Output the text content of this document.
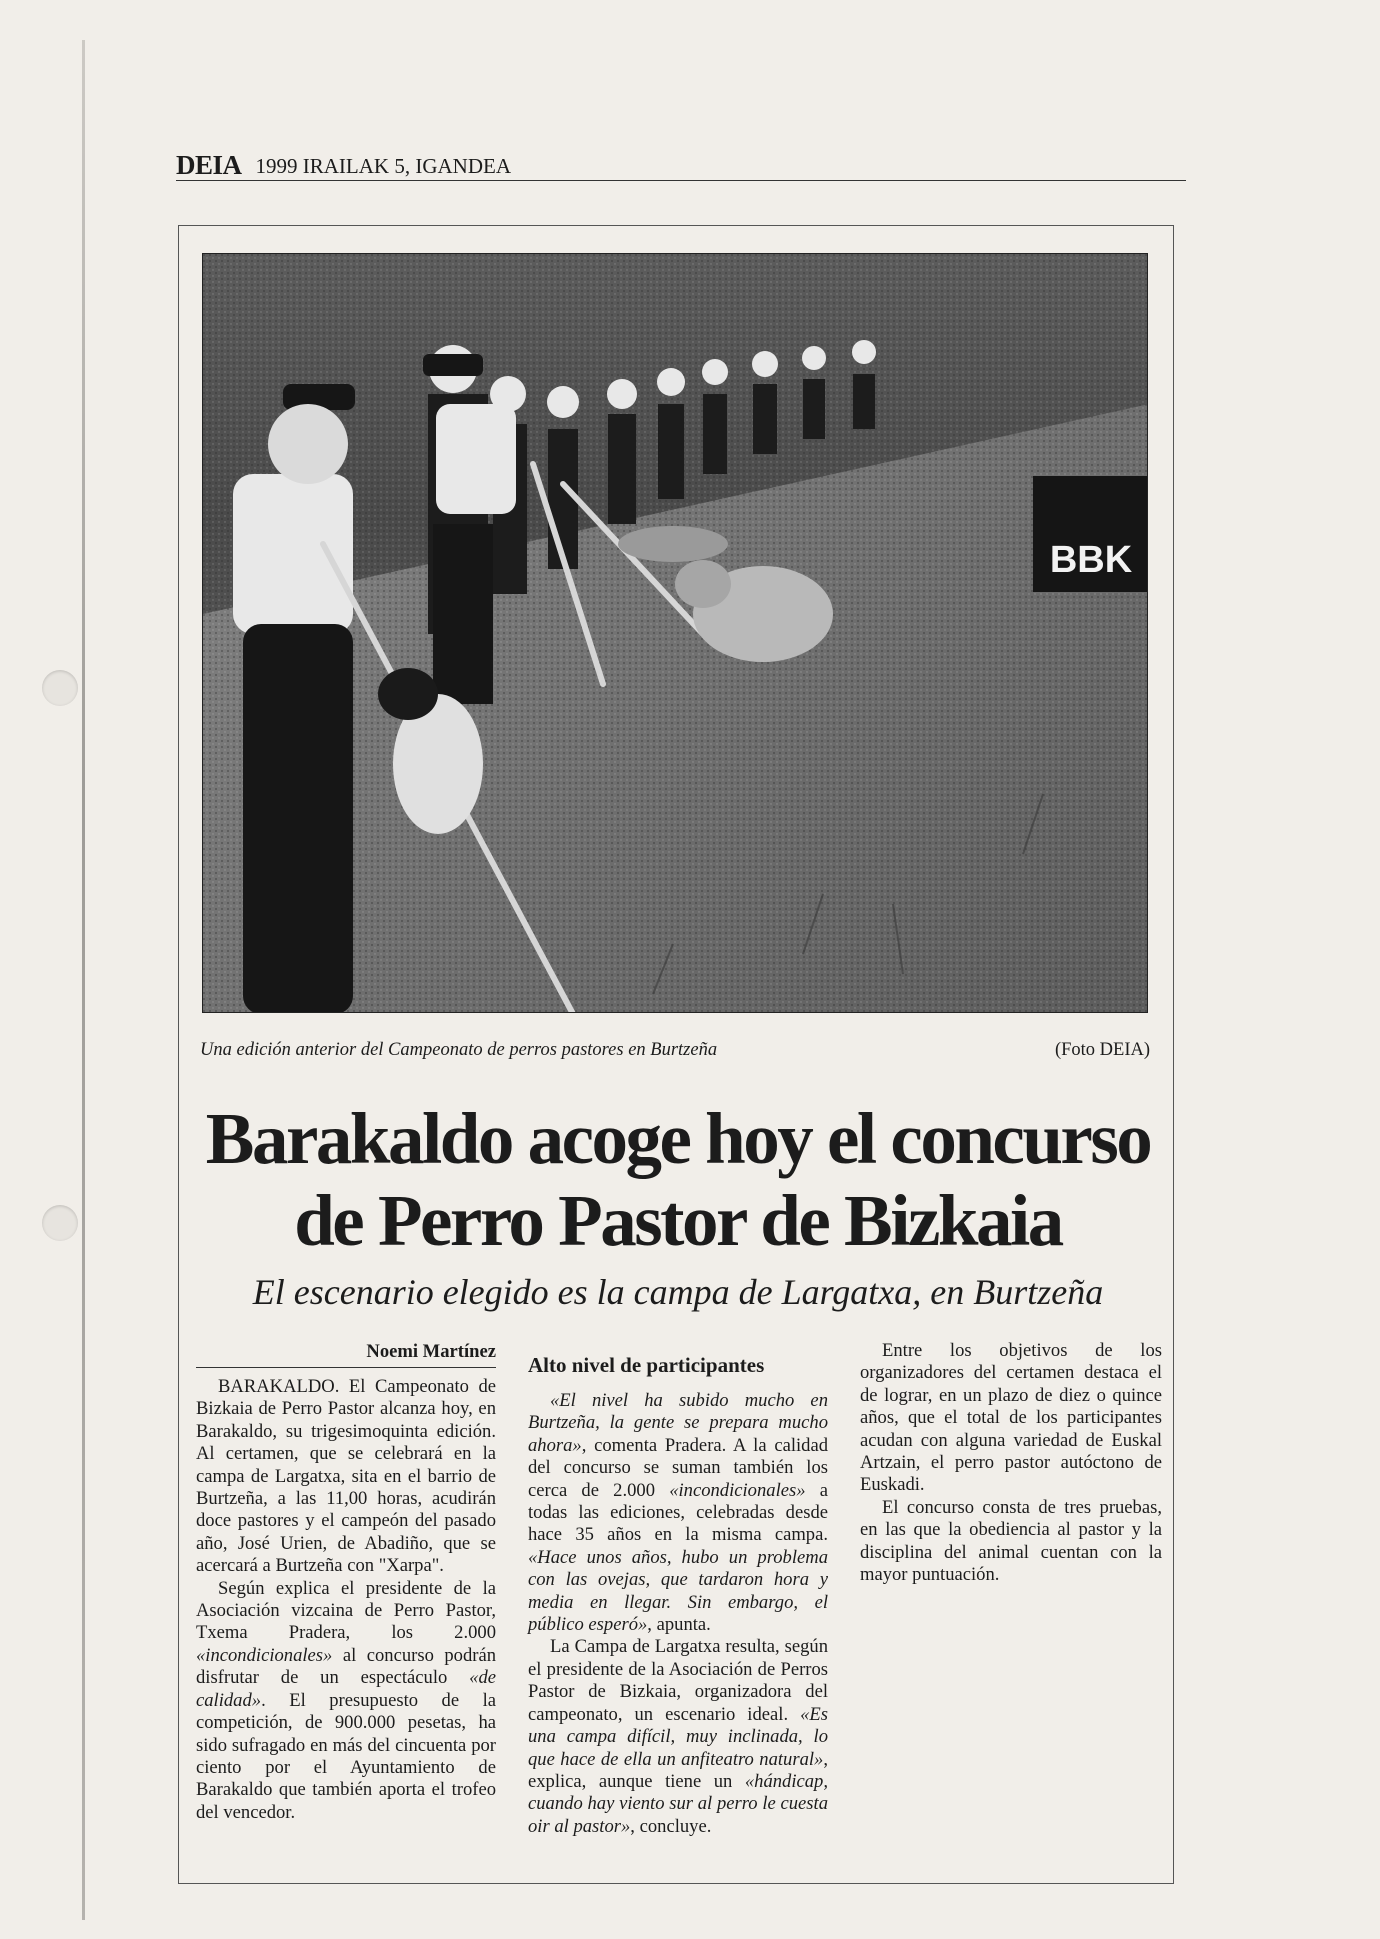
DEIA 1999 IRAILAK 5, IGANDEA
BBK
Una edición anterior del Campeonato de perros pastores en Burtzeña	(Foto DEIA)
Barakaldo acoge hoy el concurso
de Perro Pastor de Bizkaia
El escenario elegido es la campa de Largatxa, en Burtzeña
Noemi Martínez

BARAKALDO. El Campeonato de Bizkaia de Perro Pastor alcanza hoy, en Barakaldo, su trigesimoquinta edición. Al certamen, que se celebrará en la campa de Largatxa, sita en el barrio de Burtzeña, a las 11,00 horas, acudirán doce pastores y el campeón del pasado año, José Urien, de Abadiño, que se acercará a Burtzeña con "Xarpa".

Según explica el presidente de la Asociación vizcaina de Perro Pastor, Txema Pradera, los 2.000 «incondicionales» al concurso podrán disfrutar de un espectáculo «de calidad». El presupuesto de la competición, de 900.000 pesetas, ha sido sufragado en más del cincuenta por ciento por el Ayuntamiento de Barakaldo que también aporta el trofeo del vencedor.

Alto nivel de participantes

«El nivel ha subido mucho en Burtzeña, la gente se prepara mucho ahora», comenta Pradera. A la calidad del concurso se suman también los cerca de 2.000 «incondicionales» a todas las ediciones, celebradas desde hace 35 años en la misma campa. «Hace unos años, hubo un problema con las ovejas, que tardaron hora y media en llegar. Sin embargo, el público esperó», apunta.

La Campa de Largatxa resulta, según el presidente de la Asociación de Perros Pastor de Bizkaia, organizadora del campeonato, un escenario ideal. «Es una campa difícil, muy inclinada, lo que hace de ella un anfiteatro natural», explica, aunque tiene un «hándicap, cuando hay viento sur al perro le cuesta oir al pastor», concluye.

Entre los objetivos de los organizadores del certamen destaca el de lograr, en un plazo de diez o quince años, que el total de los participantes acudan con alguna variedad de Euskal Artzain, el perro pastor autóctono de Euskadi.

El concurso consta de tres pruebas, en las que la obediencia al pastor y la disciplina del animal cuentan con la mayor puntuación.
